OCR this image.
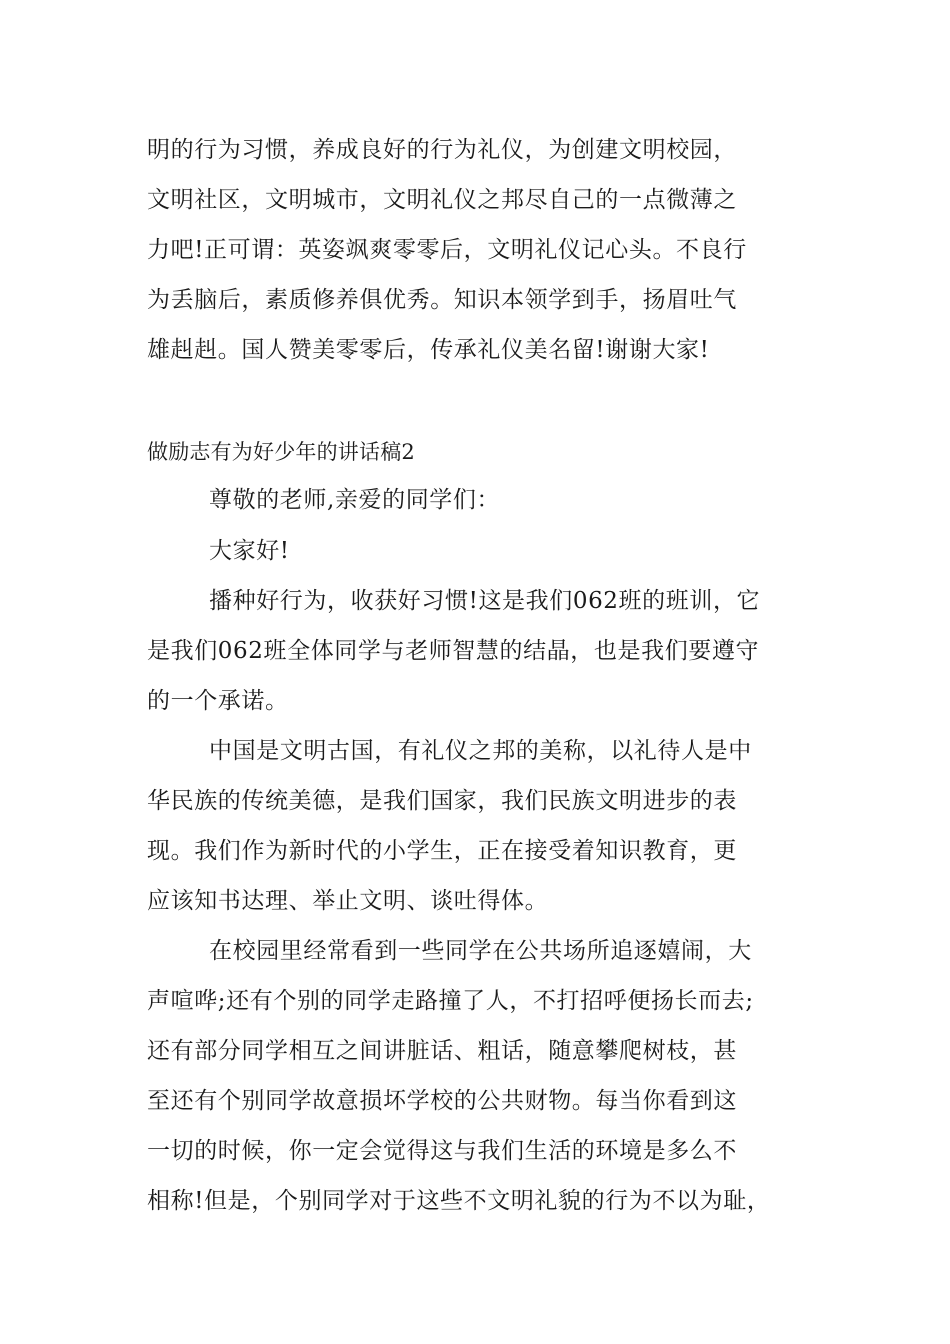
明的行为习惯，养成良好的行为礼仪，为创建文明校园，
文明社区，文明城市，文明礼仪之邦尽自己的一点微薄之
力吧!正可谓：英姿飒爽零零后，文明礼仪记心头。不良行
为丢脑后，素质修养俱优秀。知识本领学到手，扬眉吐气
雄赳赳。国人赞美零零后，传承礼仪美名留!谢谢大家!
做励志有为好少年的讲话稿2
尊敬的老师,亲爱的同学们：
大家好!
播种好行为，收获好习惯!这是我们062班的班训，它
是我们062班全体同学与老师智慧的结晶，也是我们要遵守
的一个承诺。
中国是文明古国，有礼仪之邦的美称，以礼待人是中
华民族的传统美德，是我们国家，我们民族文明进步的表
现。我们作为新时代的小学生，正在接受着知识教育，更
应该知书达理、举止文明、谈吐得体。
在校园里经常看到一些同学在公共场所追逐嬉闹，大
声喧哗;还有个别的同学走路撞了人，不打招呼便扬长而去;
还有部分同学相互之间讲脏话、粗话，随意攀爬树枝，甚
至还有个别同学故意损坏学校的公共财物。每当你看到这
一切的时候，你一定会觉得这与我们生活的环境是多么不
相称!但是，个别同学对于这些不文明礼貌的行为不以为耻，
